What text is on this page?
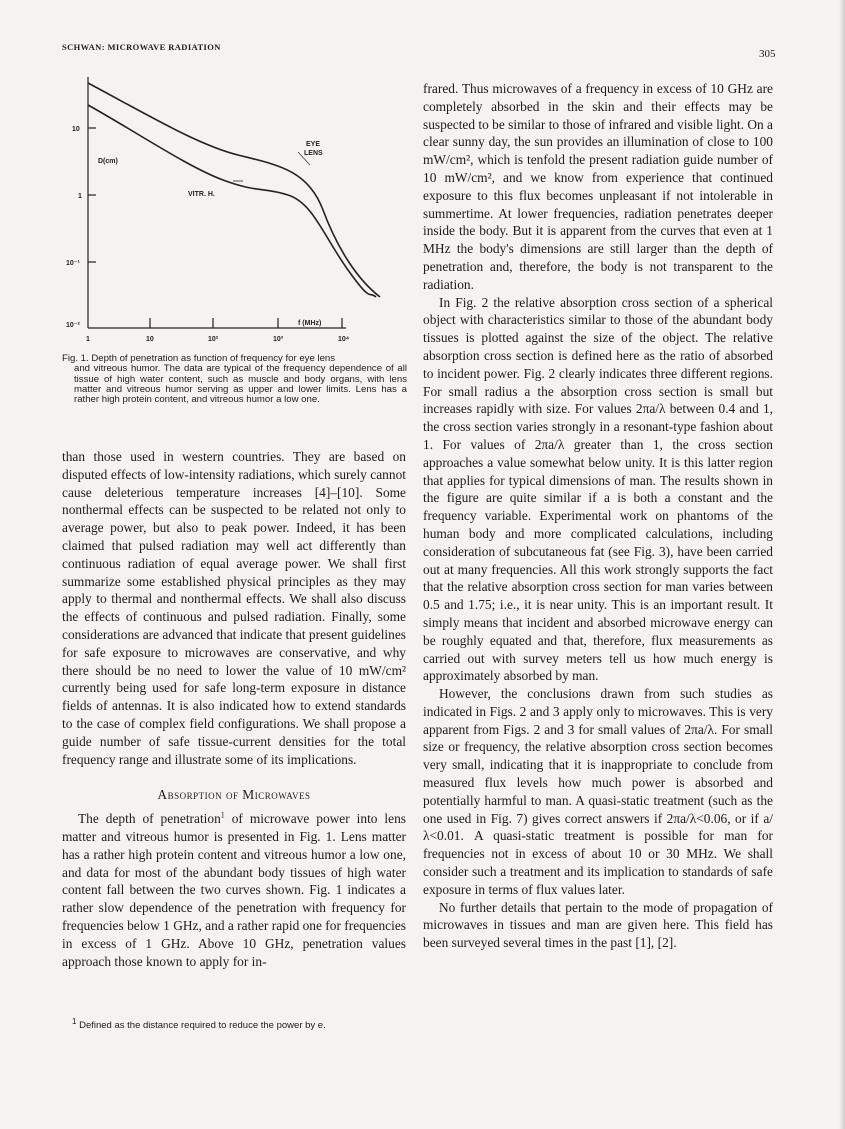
SCHWAN: MICROWAVE RADIATION
305
10
D(cm)
1
10⁻¹
10⁻²
1	10	10²	10³	10⁴
f (MHz)
EYE
LENS
VITR. H.
Fig. 1. Depth of penetration as function of frequency for eye lens
and vitreous humor. The data are typical of the frequency dependence of all tissue of high water content, such as muscle and body organs, with lens matter and vitreous humor serving as upper and lower limits. Lens has a rather high protein content, and vitreous humor a low one.

than those used in western countries. They are based on disputed effects of low-intensity radiations, which surely cannot cause deleterious temperature increases [4]–[10]. Some nonthermal effects can be suspected to be related not only to average power, but also to peak power. Indeed, it has been claimed that pulsed radiation may well act differently than continuous radiation of equal average power. We shall first summarize some established physical principles as they may apply to thermal and nonthermal effects. We shall also discuss the effects of continuous and pulsed radiation. Finally, some considerations are advanced that indicate that present guidelines for safe exposure to microwaves are conservative, and why there should be no need to lower the value of 10 mW/cm² currently being used for safe long-term exposure in distance fields of antennas. It is also indicated how to extend standards to the case of complex field configurations. We shall propose a guide number of safe tissue-current densities for the total frequency range and illustrate some of its implications.

Absorption of Microwaves

The depth of penetration$^1$ of microwave power into lens matter and vitreous humor is presented in Fig. 1. Lens matter has a rather high protein content and vitreous humor a low one, and data for most of the abundant body tissues of high water content fall between the two curves shown. Fig. 1 indicates a rather slow dependence of the penetration with frequency for frequencies below 1 GHz, and a rather rapid one for frequencies in excess of 1 GHz. Above 10 GHz, penetration values approach those known to apply for in-

$^1$ Defined as the distance required to reduce the power by e.

frared. Thus microwaves of a frequency in excess of 10 GHz are completely absorbed in the skin and their effects may be suspected to be similar to those of infrared and visible light. On a clear sunny day, the sun provides an illumination of close to 100 mW/cm², which is tenfold the present radiation guide number of 10 mW/cm², and we know from experience that continued exposure to this flux becomes unpleasant if not intolerable in summertime. At lower frequencies, radiation penetrates deeper inside the body. But it is apparent from the curves that even at 1 MHz the body's dimensions are still larger than the depth of penetration and, therefore, the body is not transparent to the radiation.

In Fig. 2 the relative absorption cross section of a spherical object with characteristics similar to those of the abundant body tissues is plotted against the size of the object. The relative absorption cross section is defined here as the ratio of absorbed to incident power. Fig. 2 clearly indicates three different regions. For small radius a the absorption cross section is small but increases rapidly with size. For values 2πa/λ between 0.4 and 1, the cross section varies strongly in a resonant-type fashion about 1. For values of 2πa/λ greater than 1, the cross section approaches a value somewhat below unity. It is this latter region that applies for typical dimensions of man. The results shown in the figure are quite similar if a is both a constant and the frequency variable. Experimental work on phantoms of the human body and more complicated calculations, including consideration of subcutaneous fat (see Fig. 3), have been carried out at many frequencies. All this work strongly supports the fact that the relative absorption cross section for man varies between 0.5 and 1.75; i.e., it is near unity. This is an important result. It simply means that incident and absorbed microwave energy can be roughly equated and that, therefore, flux measurements as carried out with survey meters tell us how much energy is approximately absorbed by man.

However, the conclusions drawn from such studies as indicated in Figs. 2 and 3 apply only to microwaves. This is very apparent from Figs. 2 and 3 for small values of 2πa/λ. For small size or frequency, the relative absorption cross section becomes very small, indicating that it is inappropriate to conclude from measured flux levels how much power is absorbed and potentially harmful to man. A quasi-static treatment (such as the one used in Fig. 7) gives correct answers if 2πa/λ<0.06, or if a/λ<0.01. A quasi-static treatment is possible for man for frequencies not in excess of about 10 or 30 MHz. We shall consider such a treatment and its implication to standards of safe exposure in terms of flux values later.

No further details that pertain to the mode of propagation of microwaves in tissues and man are given here. This field has been surveyed several times in the past [1], [2].
